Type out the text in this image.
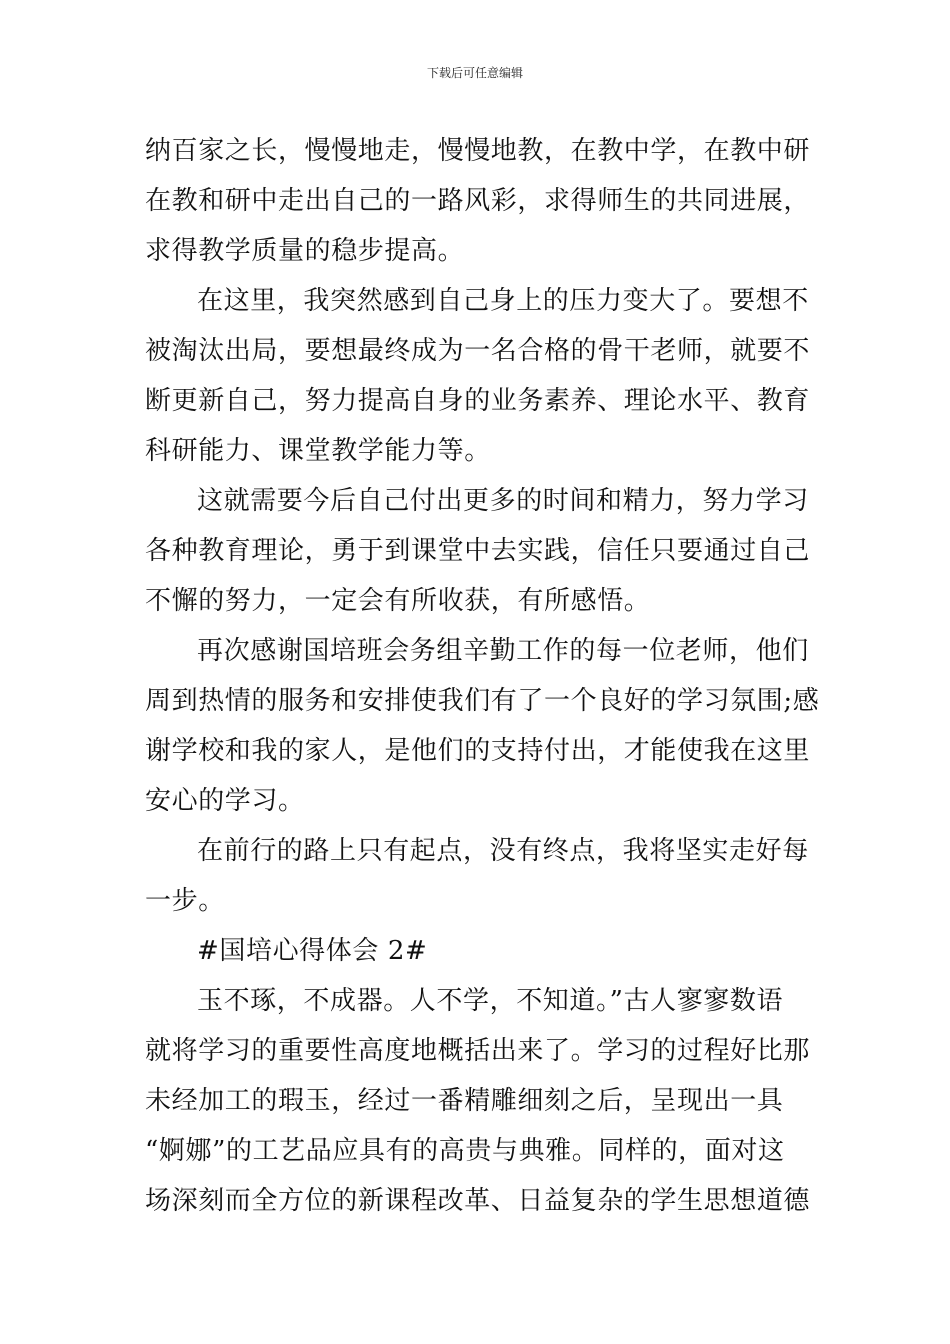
下载后可任意编辑
纳百家之长，慢慢地走，慢慢地教，在教中学，在教中研
在教和研中走出自己的一路风彩，求得师生的共同进展，
求得教学质量的稳步提高。
在这里，我突然感到自己身上的压力变大了。要想不
被淘汰出局，要想最终成为一名合格的骨干老师，就要不
断更新自己，努力提高自身的业务素养、理论水平、教育
科研能力、课堂教学能力等。
这就需要今后自己付出更多的时间和精力，努力学习
各种教育理论，勇于到课堂中去实践，信任只要通过自己
不懈的努力，一定会有所收获，有所感悟。
再次感谢国培班会务组辛勤工作的每一位老师，他们
周到热情的服务和安排使我们有了一个良好的学习氛围;感
谢学校和我的家人，是他们的支持付出，才能使我在这里
安心的学习。
在前行的路上只有起点，没有终点，我将坚实走好每
一步。
#国培心得体会 2#
玉不琢，不成器。人不学，不知道。”古人寥寥数语
就将学习的重要性高度地概括出来了。学习的过程好比那
未经加工的瑕玉，经过一番精雕细刻之后，呈现出一具
“婀娜”的工艺品应具有的高贵与典雅。同样的，面对这
场深刻而全方位的新课程改革、日益复杂的学生思想道德
